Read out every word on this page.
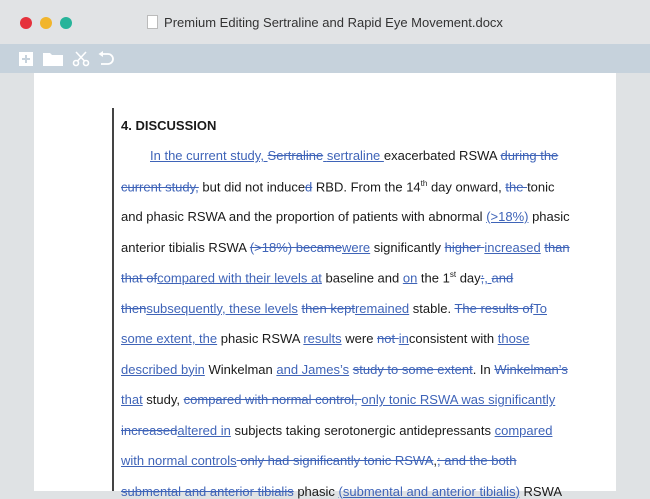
Premium Editing Sertraline and Rapid Eye Movement.docx
4. DISCUSSION
In the current study, Sertraline sertraline exacerbated RSWA during the
current study, but did not induced RBD. From the 14th day onward, the tonic
and phasic RSWA and the proportion of patients with abnormal (>18%) phasic
anterior tibialis RSWA (>18%) becamewere significantly higher increased than
that ofcompared with their levels at baseline and on the 1st day;, and
thensubsequently, these levels then keptremained stable. The results ofTo
some extent, the phasic RSWA results were not inconsistent with those
described byin Winkelman and James’s study to some extent. In Winkelman’s
that study, compared with normal control, only tonic RSWA was significantly
increasedaltered in subjects taking serotonergic antidepressants compared
with normal controls only had significantly tonic RSWA,; and the both
submental and anterior tibialis phasic (submental and anterior tibialis) RSWA
